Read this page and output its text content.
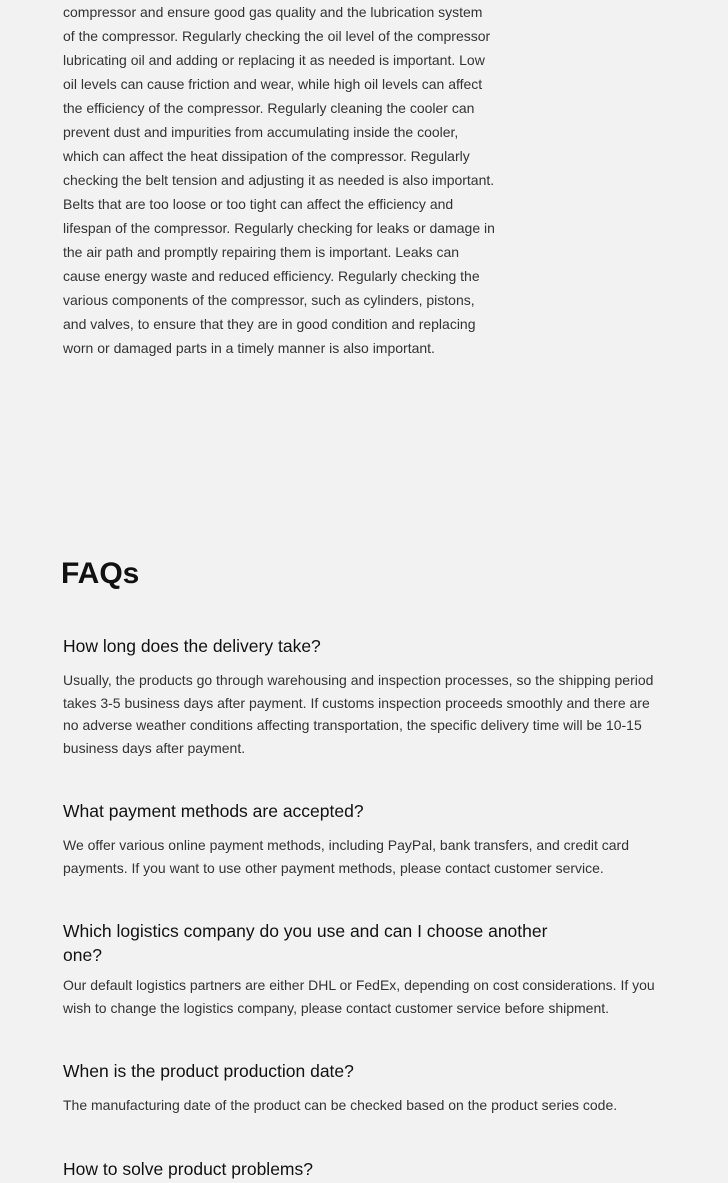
compressor and ensure good gas quality and the lubrication system of the compressor. Regularly checking the oil level of the compressor lubricating oil and adding or replacing it as needed is important. Low oil levels can cause friction and wear, while high oil levels can affect the efficiency of the compressor. Regularly cleaning the cooler can prevent dust and impurities from accumulating inside the cooler, which can affect the heat dissipation of the compressor. Regularly checking the belt tension and adjusting it as needed is also important. Belts that are too loose or too tight can affect the efficiency and lifespan of the compressor. Regularly checking for leaks or damage in the air path and promptly repairing them is important. Leaks can cause energy waste and reduced efficiency. Regularly checking the various components of the compressor, such as cylinders, pistons, and valves, to ensure that they are in good condition and replacing worn or damaged parts in a timely manner is also important.

FAQs
How long does the delivery take?

Usually, the products go through warehousing and inspection processes, so the shipping period takes 3-5 business days after payment. If customs inspection proceeds smoothly and there are no adverse weather conditions affecting transportation, the specific delivery time will be 10-15 business days after payment.

What payment methods are accepted?

We offer various online payment methods, including PayPal, bank transfers, and credit card payments. If you want to use other payment methods, please contact customer service.

Which logistics company do you use and can I choose another one?

Our default logistics partners are either DHL or FedEx, depending on cost considerations. If you wish to change the logistics company, please contact customer service before shipment.

When is the product production date?

The manufacturing date of the product can be checked based on the product series code.

How to solve product problems?
